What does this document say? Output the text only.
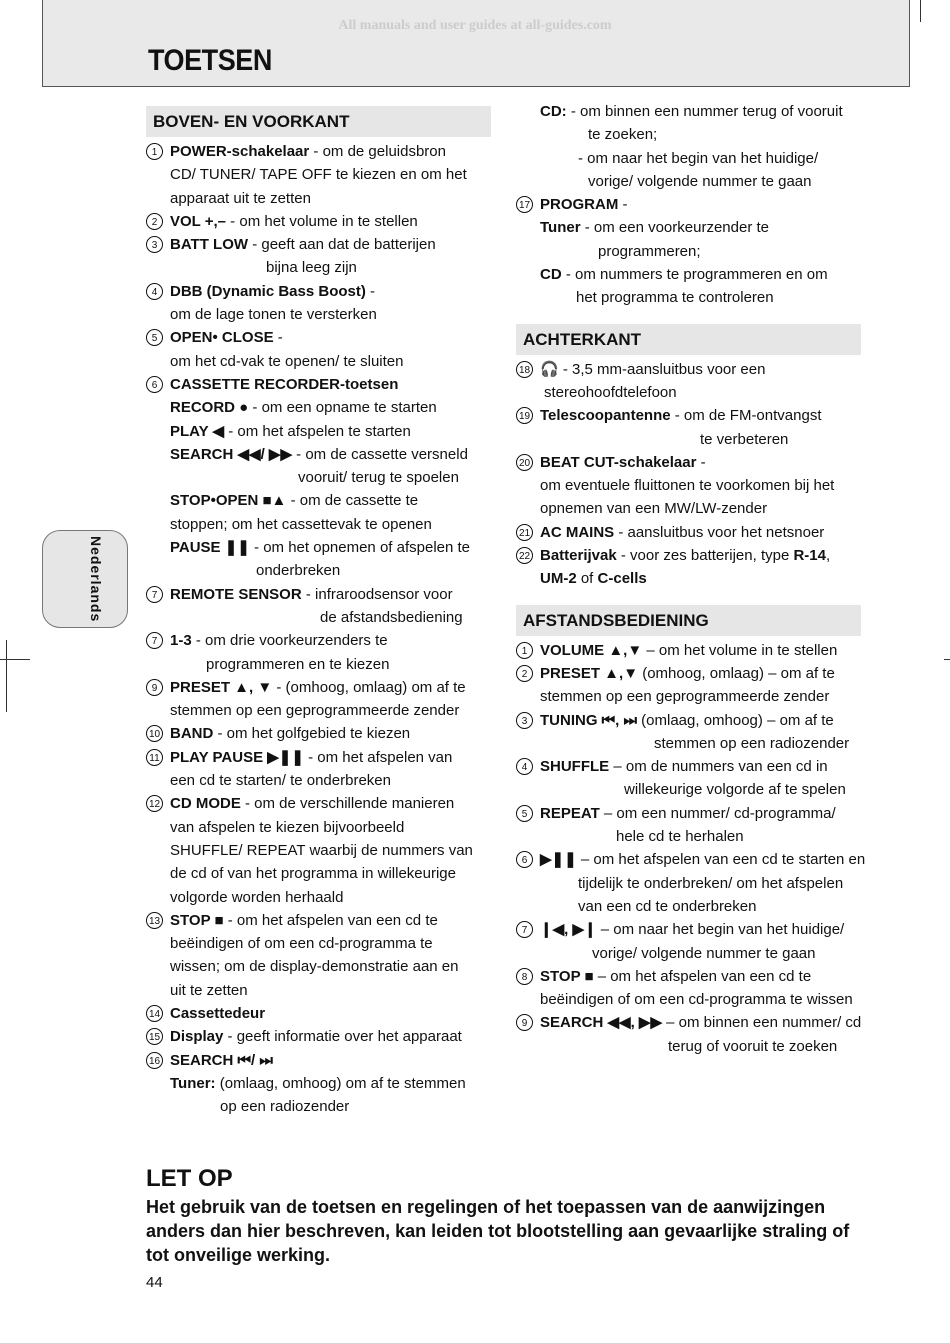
All manuals and user guides at all-guides.com
TOETSEN
Nederlands
BOVEN- EN VOORKANT
1 POWER-schakelaar - om de geluidsbron
CD/ TUNER/ TAPE OFF te kiezen en om het
apparaat uit te zetten
2 VOL +,– - om het volume in te stellen
3 BATT LOW - geeft aan dat de batterijen
bijna leeg zijn
4 DBB (Dynamic Bass Boost) -
om de lage tonen te versterken
5 OPEN• CLOSE -
om het cd-vak te openen/ te sluiten
6 CASSETTE RECORDER-toetsen
RECORD ● - om een opname te starten
PLAY ◀ - om het afspelen te starten
SEARCH ◀◀/ ▶▶ - om de cassette versneld
vooruit/ terug te spoelen
STOP•OPEN ■▲ - om de cassette te
stoppen; om het cassettevak te openen
PAUSE ❚❚ - om het opnemen of afspelen te
onderbreken
7 REMOTE SENSOR - infraroodsensor voor
de afstandsbediening
7 1-3 - om drie voorkeurzenders te
programmeren en te kiezen
9 PRESET ▲, ▼ - (omhoog, omlaag) om af te
stemmen op een geprogrammeerde zender
10 BAND - om het golfgebied te kiezen
11 PLAY PAUSE ▶❚❚ - om het afspelen van
een cd te starten/ te onderbreken
12 CD MODE - om de verschillende manieren
van afspelen te kiezen bijvoorbeeld
SHUFFLE/ REPEAT waarbij de nummers van
de cd of van het programma in willekeurige
volgorde worden herhaald
13 STOP ■ - om het afspelen van een cd te
beëindigen of om een cd-programma te
wissen; om de display-demonstratie aan en
uit te zetten
14 Cassettedeur
15 Display - geeft informatie over het apparaat
16 SEARCH ⏮/ ⏭
Tuner: (omlaag, omhoog) om af te stemmen
op een radiozender
CD: - om binnen een nummer terug of vooruit
te zoeken;
- om naar het begin van het huidige/
vorige/ volgende nummer te gaan
17 PROGRAM -
Tuner - om een voorkeurzender te
programmeren;
CD - om nummers te programmeren en om
het programma te controleren
ACHTERKANT
18 🎧 - 3,5 mm-aansluitbus voor een
stereohoofdtelefoon
19 Telescoopantenne - om de FM-ontvangst
te verbeteren
20 BEAT CUT-schakelaar -
om eventuele fluittonen te voorkomen bij het
opnemen van een MW/LW-zender
21 AC MAINS - aansluitbus voor het netsnoer
22 Batterijvak - voor zes batterijen, type R-14,
UM-2 of C-cells
AFSTANDSBEDIENING
1 VOLUME ▲,▼ – om het volume in te stellen
2 PRESET ▲,▼ (omhoog, omlaag) – om af te
stemmen op een geprogrammeerde zender
3 TUNING ⏮, ⏭ (omlaag, omhoog) – om af te
stemmen op een radiozender
4 SHUFFLE – om de nummers van een cd in
willekeurige volgorde af te spelen
5 REPEAT – om een nummer/ cd-programma/
hele cd te herhalen
6 ▶❚❚ – om het afspelen van een cd te starten en
tijdelijk te onderbreken/ om het afspelen
van een cd te onderbreken
7 ❙◀, ▶❙ – om naar het begin van het huidige/
vorige/ volgende nummer te gaan
8 STOP ■ – om het afspelen van een cd te
beëindigen of om een cd-programma te wissen
9 SEARCH ◀◀, ▶▶ – om binnen een nummer/ cd
terug of vooruit te zoeken
LET OP
Het gebruik van de toetsen en regelingen of het toepassen van de aanwijzingen anders dan hier beschreven, kan leiden tot blootstelling aan gevaarlijke straling of tot onveilige werking.
44
